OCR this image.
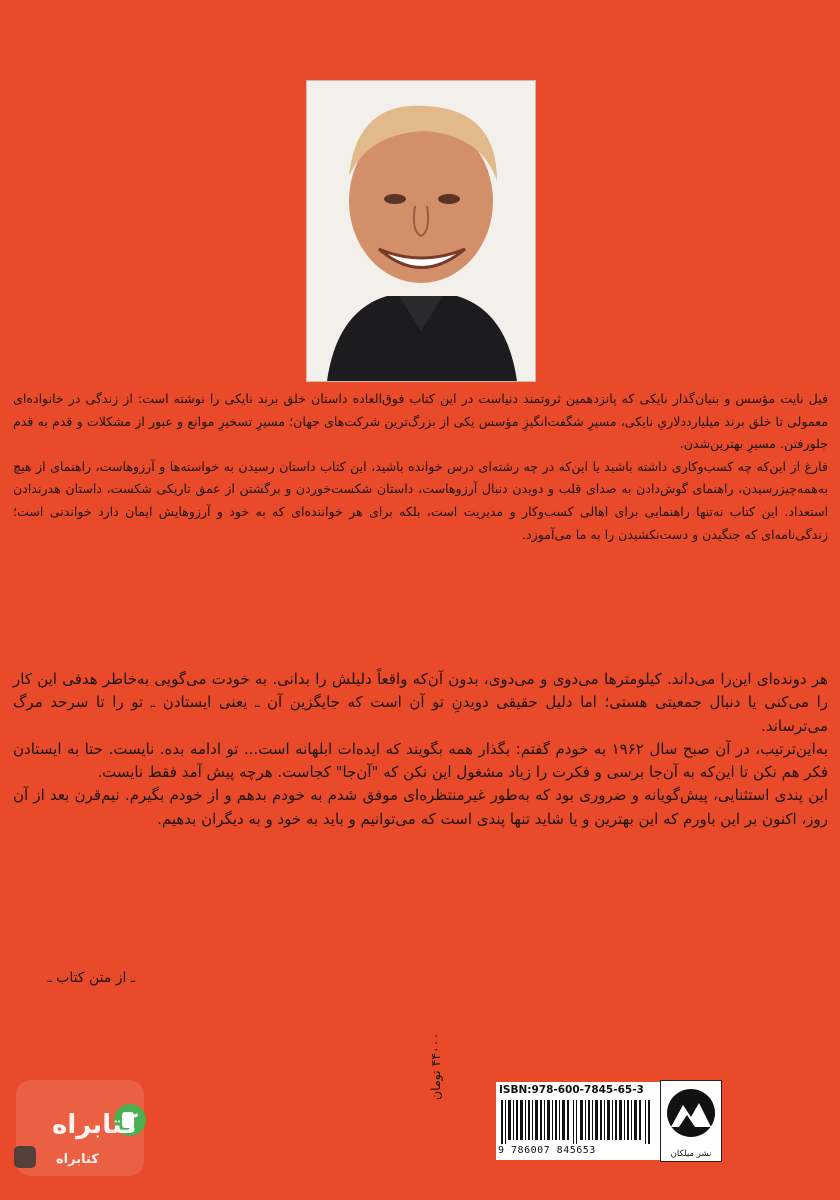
فیل نایت مؤسس و بنیان‌گذار نایکی که پانزدهمین ثروتمند دنیاست در این کتاب فوق‌العاده داستان خلق برند نایکی را نوشته است: از زندگی در خانواده‌ای معمولی تا خلق برند میلیارددلاریِ نایکی، مسیرِ شگفت‌انگیزِ مؤسس یکی از بزرگ‌ترین شرکت‌های جهان؛ مسیرِ تسخیرِ موانع و عبور از مشکلات و قدم به قدم جلورفتن. مسیرِ بهترین‌شدن.

فارغ از این‌که چه کسب‌وکاری داشته باشید یا این‌که در چه رشته‌ای درس خوانده باشید، این کتاب داستان رسیدن به خواسته‌ها و آرزوهاست، راهنمای از هیچ به‌همه‌چیزرسیدن، راهنمای گوش‌دادن به صدای قلب و دویدن دنبال آرزوهاست، داستان شکست‌خوردن و برگشتن از عمق تاریکی شکست، داستان هدرندادن استعداد. این کتاب نه‌تنها راهنمایی برای اهالی کسب‌وکار و مدیریت است، بلکه برای هر خواننده‌ای که به خود و آرزوهایش ایمان دارد خواندنی است؛ زندگی‌نامه‌ای که جنگیدن و دست‌نکشیدن را به ما می‌آموزد.

هر دونده‌ای این‌را می‌داند. کیلومترها می‌دوی و می‌دوی، بدون آن‌که واقعاً دلیلش را بدانی. به خودت می‌گویی به‌خاطر هدفی این کار را می‌کنی یا دنبال جمعیتی هستی؛ اما دلیل حقیقی دویدنِ تو آن است که جایگزین آن ـ یعنی ایستادن ـ تو را تا سرحد مرگ می‌ترساند.

به‌این‌ترتیب، در آن صبح سال ۱۹۶۲ به خودم گفتم: بگذار همه بگویند که ایده‌ات ابلهانه است... تو ادامه بده. نایست. حتا به ایستادن فکر هم نکن تا این‌که به آن‌جا برسی و فکرت را زیاد مشغول این نکن که "آن‌جا" کجاست. هرچه پیش آمد فقط نایست.

این پندی استثنایی، پیش‌گویانه و ضروری بود که به‌طور غیرمنتظره‌ای موفق شدم به خودم بدهم و از خودم بگیرم. نیم‌قرن بعد از آن روز، اکنون بر این باورم که این بهترین و یا شاید تنها پندی است که می‌توانیم و باید به خود و به دیگران بدهیم.

ـ از متن کتاب ـ
۴۴۰۰۰ تومان
ISBN:978-600-7845-65-3
9 786007 845653	نشر میلکان
کتابراه
کتابراه
